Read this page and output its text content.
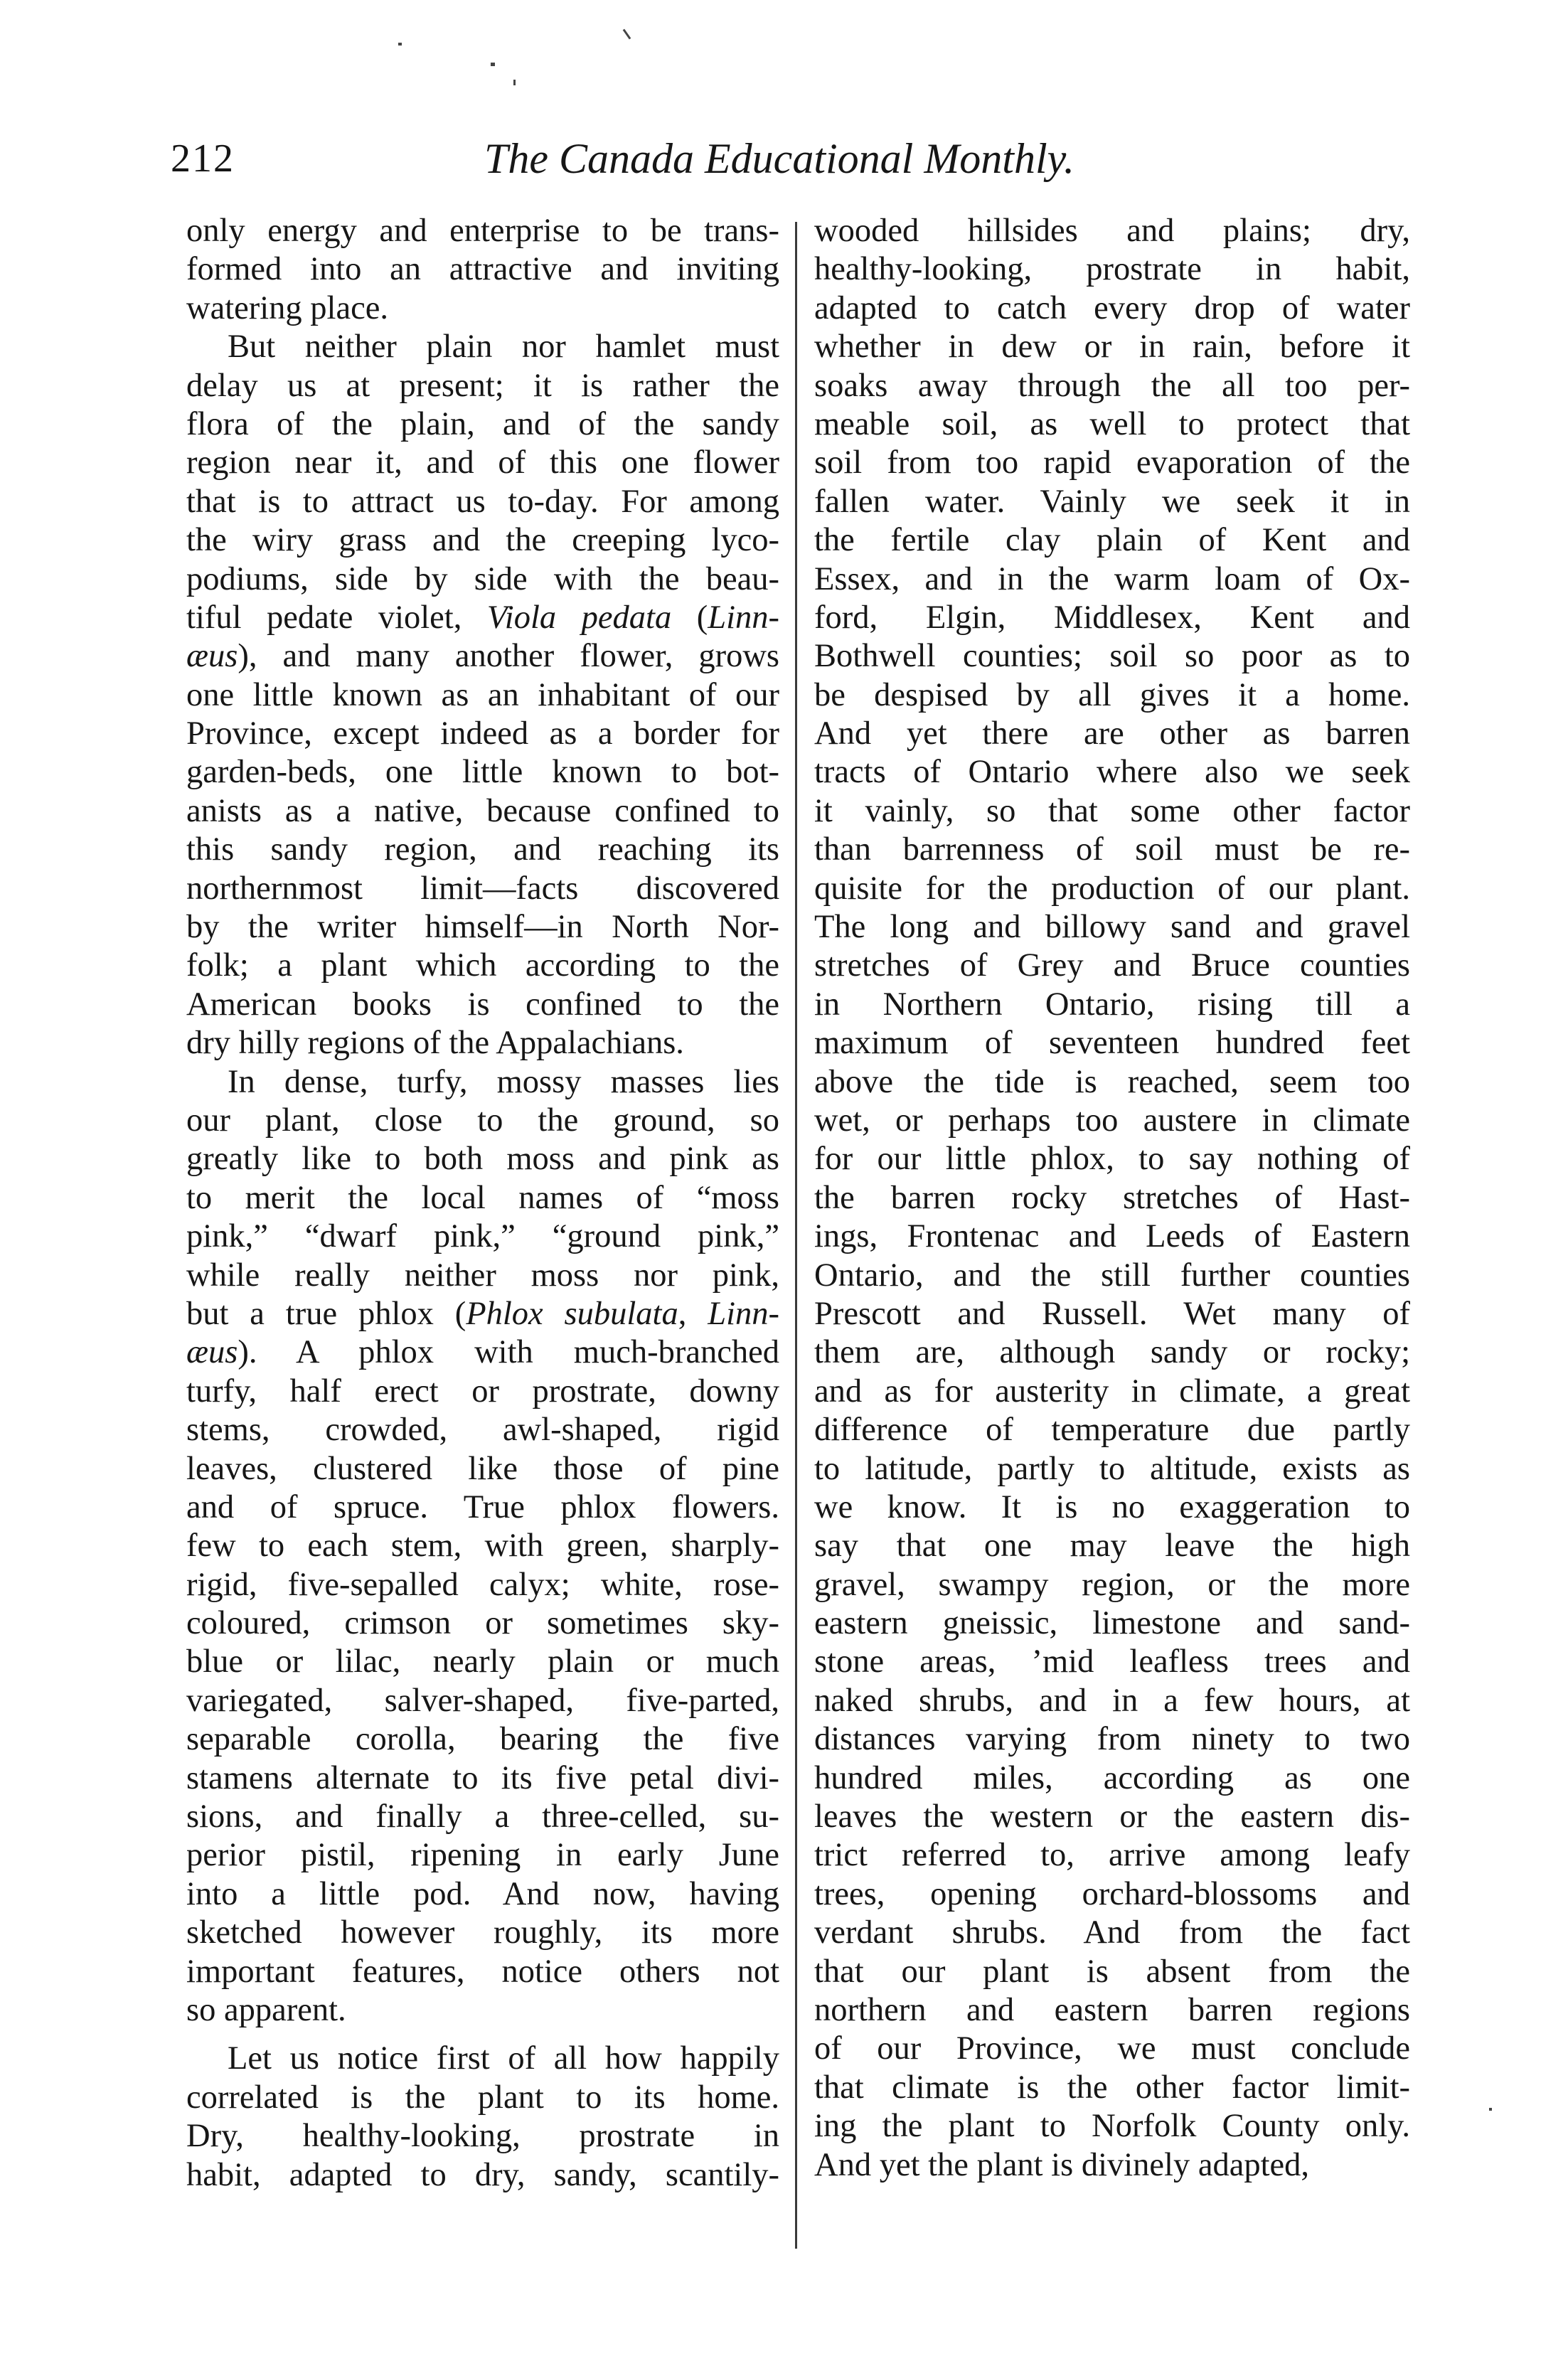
212	The Canada Educational Monthly.
only energy and enterprise to be trans-
formed into an attractive and inviting
watering place.
But neither plain nor hamlet must
delay us at present; it is rather the
flora of the plain, and of the sandy
region near it, and of this one flower
that is to attract us to-day. For among
the wiry grass and the creeping lyco-
podiums, side by side with the beau-
tiful pedate violet, Viola pedata (Linn-
æus), and many another flower, grows
one little known as an inhabitant of our
Province, except indeed as a border for
garden-beds, one little known to bot-
anists as a native, because confined to
this sandy region, and reaching its
northernmost limit—facts discovered
by the writer himself—in North Nor-
folk; a plant which according to the
American books is confined to the
dry hilly regions of the Appalachians.
In dense, turfy, mossy masses lies
our plant, close to the ground, so
greatly like to both moss and pink as
to merit the local names of “moss
pink,” “dwarf pink,” “ground pink,”
while really neither moss nor pink,
but a true phlox (Phlox subulata, Linn-
æus). A phlox with much-branched
turfy, half erect or prostrate, downy
stems, crowded, awl-shaped, rigid
leaves, clustered like those of pine
and of spruce. True phlox flowers.
few to each stem, with green, sharply-
rigid, five-sepalled calyx; white, rose-
coloured, crimson or sometimes sky-
blue or lilac, nearly plain or much
variegated, salver-shaped, five-parted,
separable corolla, bearing the five
stamens alternate to its five petal divi-
sions, and finally a three-celled, su-
perior pistil, ripening in early June
into a little pod. And now, having
sketched however roughly, its more
important features, notice others not
so apparent.
Let us notice first of all how happily
correlated is the plant to its home.
Dry, healthy-looking, prostrate in
habit, adapted to dry, sandy, scantily-
wooded hillsides and plains; dry,
healthy-looking, prostrate in habit,
adapted to catch every drop of water
whether in dew or in rain, before it
soaks away through the all too per-
meable soil, as well to protect that
soil from too rapid evaporation of the
fallen water. Vainly we seek it in
the fertile clay plain of Kent and
Essex, and in the warm loam of Ox-
ford, Elgin, Middlesex, Kent and
Bothwell counties; soil so poor as to
be despised by all gives it a home.
And yet there are other as barren
tracts of Ontario where also we seek
it vainly, so that some other factor
than barrenness of soil must be re-
quisite for the production of our plant.
The long and billowy sand and gravel
stretches of Grey and Bruce counties
in Northern Ontario, rising till a
maximum of seventeen hundred feet
above the tide is reached, seem too
wet, or perhaps too austere in climate
for our little phlox, to say nothing of
the barren rocky stretches of Hast-
ings, Frontenac and Leeds of Eastern
Ontario, and the still further counties
Prescott and Russell. Wet many of
them are, although sandy or rocky;
and as for austerity in climate, a great
difference of temperature due partly
to latitude, partly to altitude, exists as
we know. It is no exaggeration to
say that one may leave the high
gravel, swampy region, or the more
eastern gneissic, limestone and sand-
stone areas, ’mid leafless trees and
naked shrubs, and in a few hours, at
distances varying from ninety to two
hundred miles, according as one
leaves the western or the eastern dis-
trict referred to, arrive among leafy
trees, opening orchard-blossoms and
verdant shrubs. And from the fact
that our plant is absent from the
northern and eastern barren regions
of our Province, we must conclude
that climate is the other factor limit-
ing the plant to Norfolk County only.
And yet the plant is divinely adapted,
